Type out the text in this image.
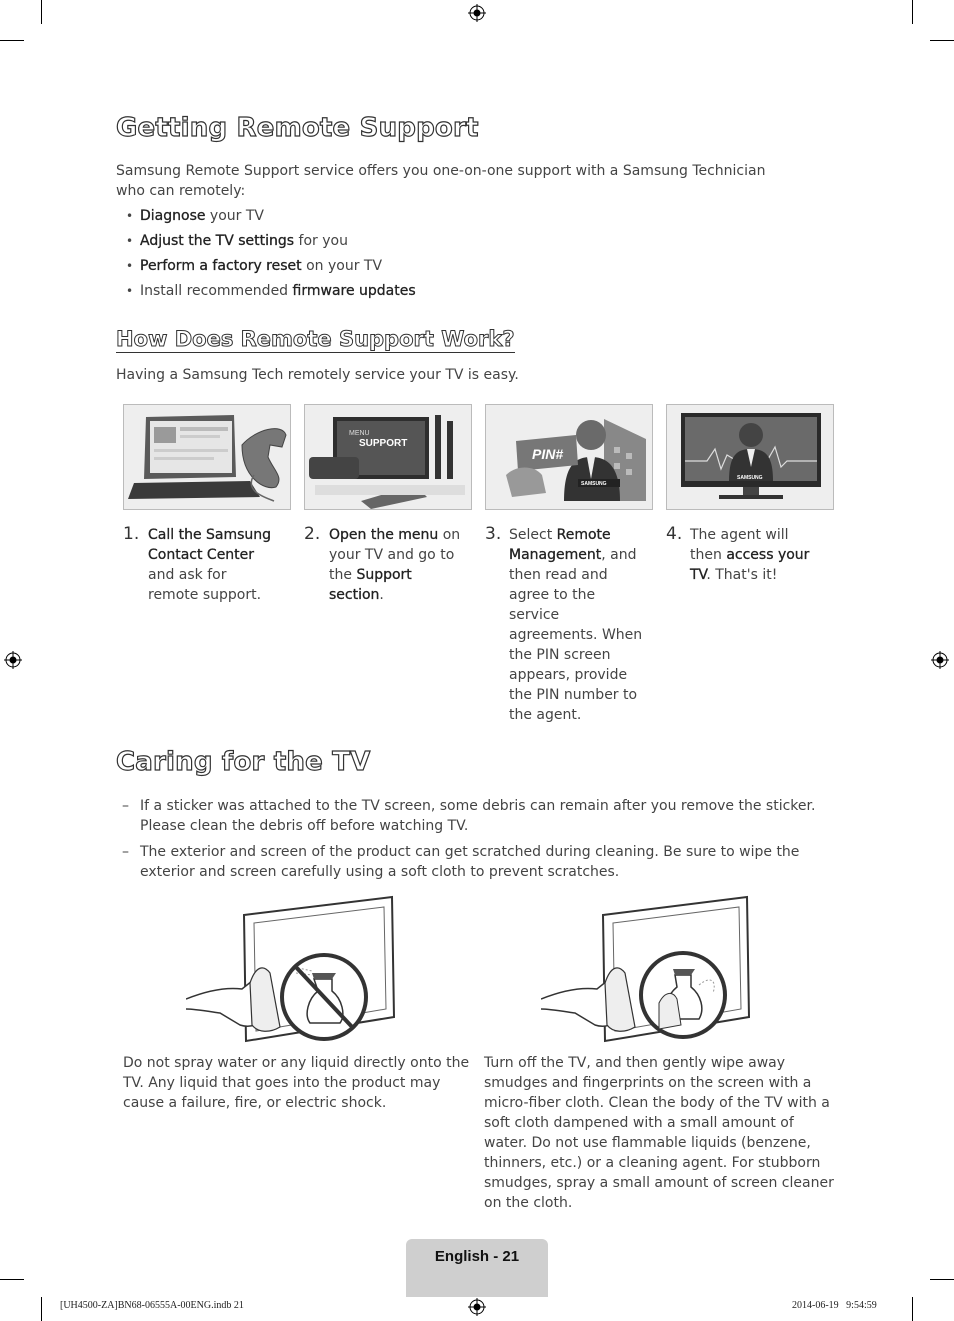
Getting Remote Support
Samsung Remote Support service offers you one-on-one support with a Samsung Technician who can remotely:
• Diagnose your TV
• Adjust the TV settings for you
• Perform a factory reset on your TV
• Install recommended firmware updates
How Does Remote Support Work?
Having a Samsung Tech remotely service your TV is easy.
MENU
SUPPORT
SAMSUNG
PIN#
SAMSUNG
1. Call the Samsung Contact Center and ask for remote support.
2. Open the menu on your TV and go to the Support section.
3. Select Remote Management, and then read and agree to the service agreements. When the PIN screen appears, provide the PIN number to the agent.
4. The agent will then access your TV. That's it!
Caring for the TV
– If a sticker was attached to the TV screen, some debris can remain after you remove the sticker. Please clean the debris off before watching TV.
– The exterior and screen of the product can get scratched during cleaning. Be sure to wipe the exterior and screen carefully using a soft cloth to prevent scratches.
Do not spray water or any liquid directly onto the TV. Any liquid that goes into the product may cause a failure, fire, or electric shock.
Turn off the TV, and then gently wipe away smudges and fingerprints on the screen with a micro-fiber cloth. Clean the body of the TV with a soft cloth dampened with a small amount of water. Do not use flammable liquids (benzene, thinners, etc.) or a cleaning agent. For stubborn smudges, spray a small amount of screen cleaner on the cloth.
English - 21
[UH4500-ZA]BN68-06555A-00ENG.indb 21	2014-06-19   9:54:59
